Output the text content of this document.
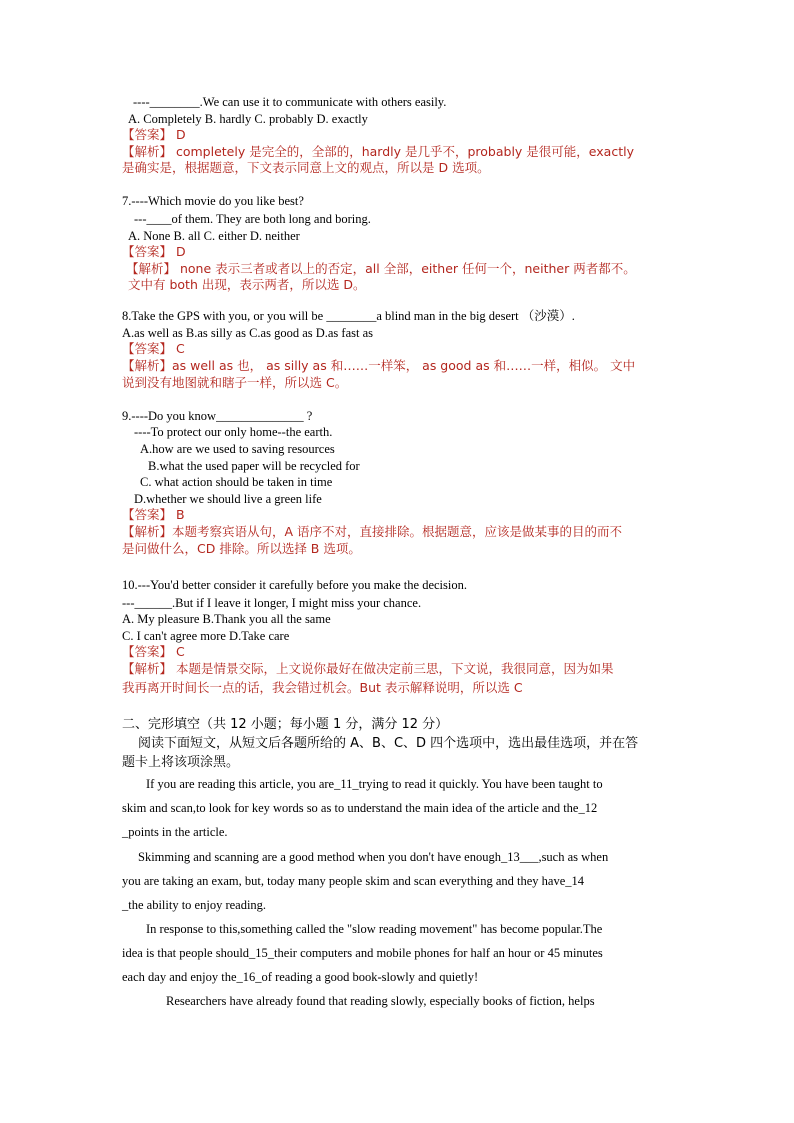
----________.We can use it to communicate with others easily.
A. Completely B. hardly C. probably D. exactly
【答案】 D
【解析】 completely 是完全的，全部的，hardly 是几乎不，probably 是很可能，exactly
是确实是，根据题意，下文表示同意上文的观点，所以是 D 选项。
7.----Which movie do you like best?
---____of them. They are both long and boring.
A. None B. all C. either D. neither
【答案】 D
【解析】 none 表示三者或者以上的否定，all 全部，either 任何一个，neither 两者都不。
文中有 both 出现，表示两者，所以选 D。
8.Take the GPS with you, or you will be ________a blind man in the big desert （沙漠）.
A.as well as B.as silly as C.as good as D.as fast as
【答案】 C
【解析】as well as 也， as silly as 和……一样笨， as good as 和……一样，相似。 文中
说到没有地图就和瞎子一样，所以选 C。
9.----Do you know______________ ?
----To protect our only home--the earth.
A.how are we used to saving resources
B.what the used paper will be recycled for
C. what action should be taken in time
D.whether we should live a green life
【答案】 B
【解析】本题考察宾语从句，A 语序不对，直接排除。根据题意，应该是做某事的目的而不
是问做什么，CD 排除。所以选择 B 选项。
10.---You'd better consider it carefully before you make the decision.
---______.But if I leave it longer, I might miss your chance.
A. My pleasure B.Thank you all the same
C. I can't agree more D.Take care
【答案】 C
【解析】 本题是情景交际，上文说你最好在做决定前三思，下文说，我很同意，因为如果
我再离开时间长一点的话，我会错过机会。But 表示解释说明，所以选 C
二、完形填空（共 12 小题；每小题 1 分，满分 12 分）
阅读下面短文，从短文后各题所给的 A、B、C、D 四个选项中，选出最佳选项，并在答
题卡上将该项涂黑。
If you are reading this article, you are_11_trying to read it quickly. You have been taught to
skim and scan,to look for key words so as to understand the main idea of the article and the_12
_points in the article.
Skimming and scanning are a good method when you don't have enough_13___,such as when
you are taking an exam, but, today many people skim and scan everything and they have_14
_the ability to enjoy reading.
In response to this,something called the "slow reading movement" has become popular.The
idea is that people should_15_their computers and mobile phones for half an hour or 45 minutes
each day and enjoy the_16_of reading a good book-slowly and quietly!
Researchers have already found that reading slowly, especially books of fiction, helps
